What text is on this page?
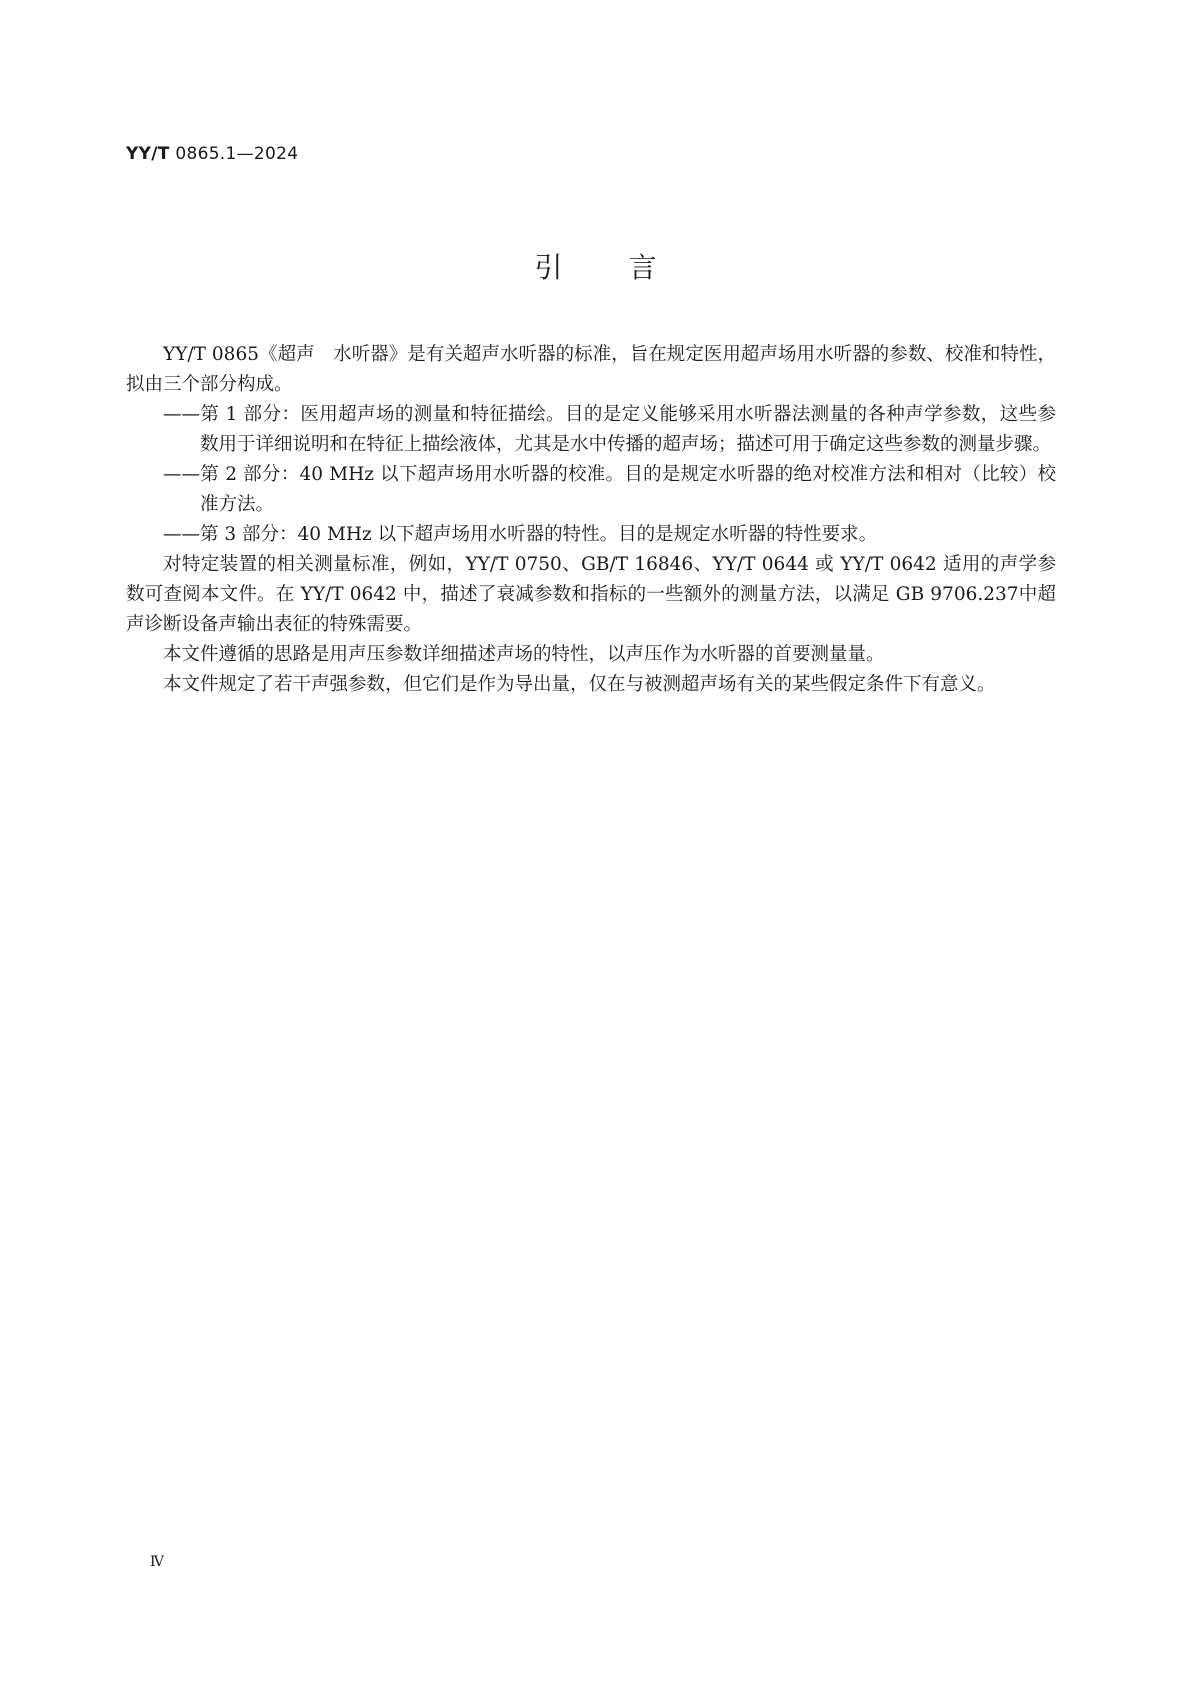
YY/T 0865.1—2024
引言

YY/T 0865《超声　水听器》是有关超声水听器的标准，旨在规定医用超声场用水听器的参数、校准和特性，拟由三个部分构成。

——第 1 部分：医用超声场的测量和特征描绘。目的是定义能够采用水听器法测量的各种声学参数，这些参数用于详细说明和在特征上描绘液体，尤其是水中传播的超声场；描述可用于确定这些参数的测量步骤。

——第 2 部分：40 MHz 以下超声场用水听器的校准。目的是规定水听器的绝对校准方法和相对（比较）校准方法。

——第 3 部分：40 MHz 以下超声场用水听器的特性。目的是规定水听器的特性要求。

对特定装置的相关测量标准，例如，YY/T 0750、GB/T 16846、YY/T 0644 或 YY/T 0642 适用的声学参数可查阅本文件。在 YY/T 0642 中，描述了衰减参数和指标的一些额外的测量方法，以满足 GB 9706.237中超声诊断设备声输出表征的特殊需要。

本文件遵循的思路是用声压参数详细描述声场的特性，以声压作为水听器的首要测量量。

本文件规定了若干声强参数，但它们是作为导出量，仅在与被测超声场有关的某些假定条件下有意义。

Ⅳ
